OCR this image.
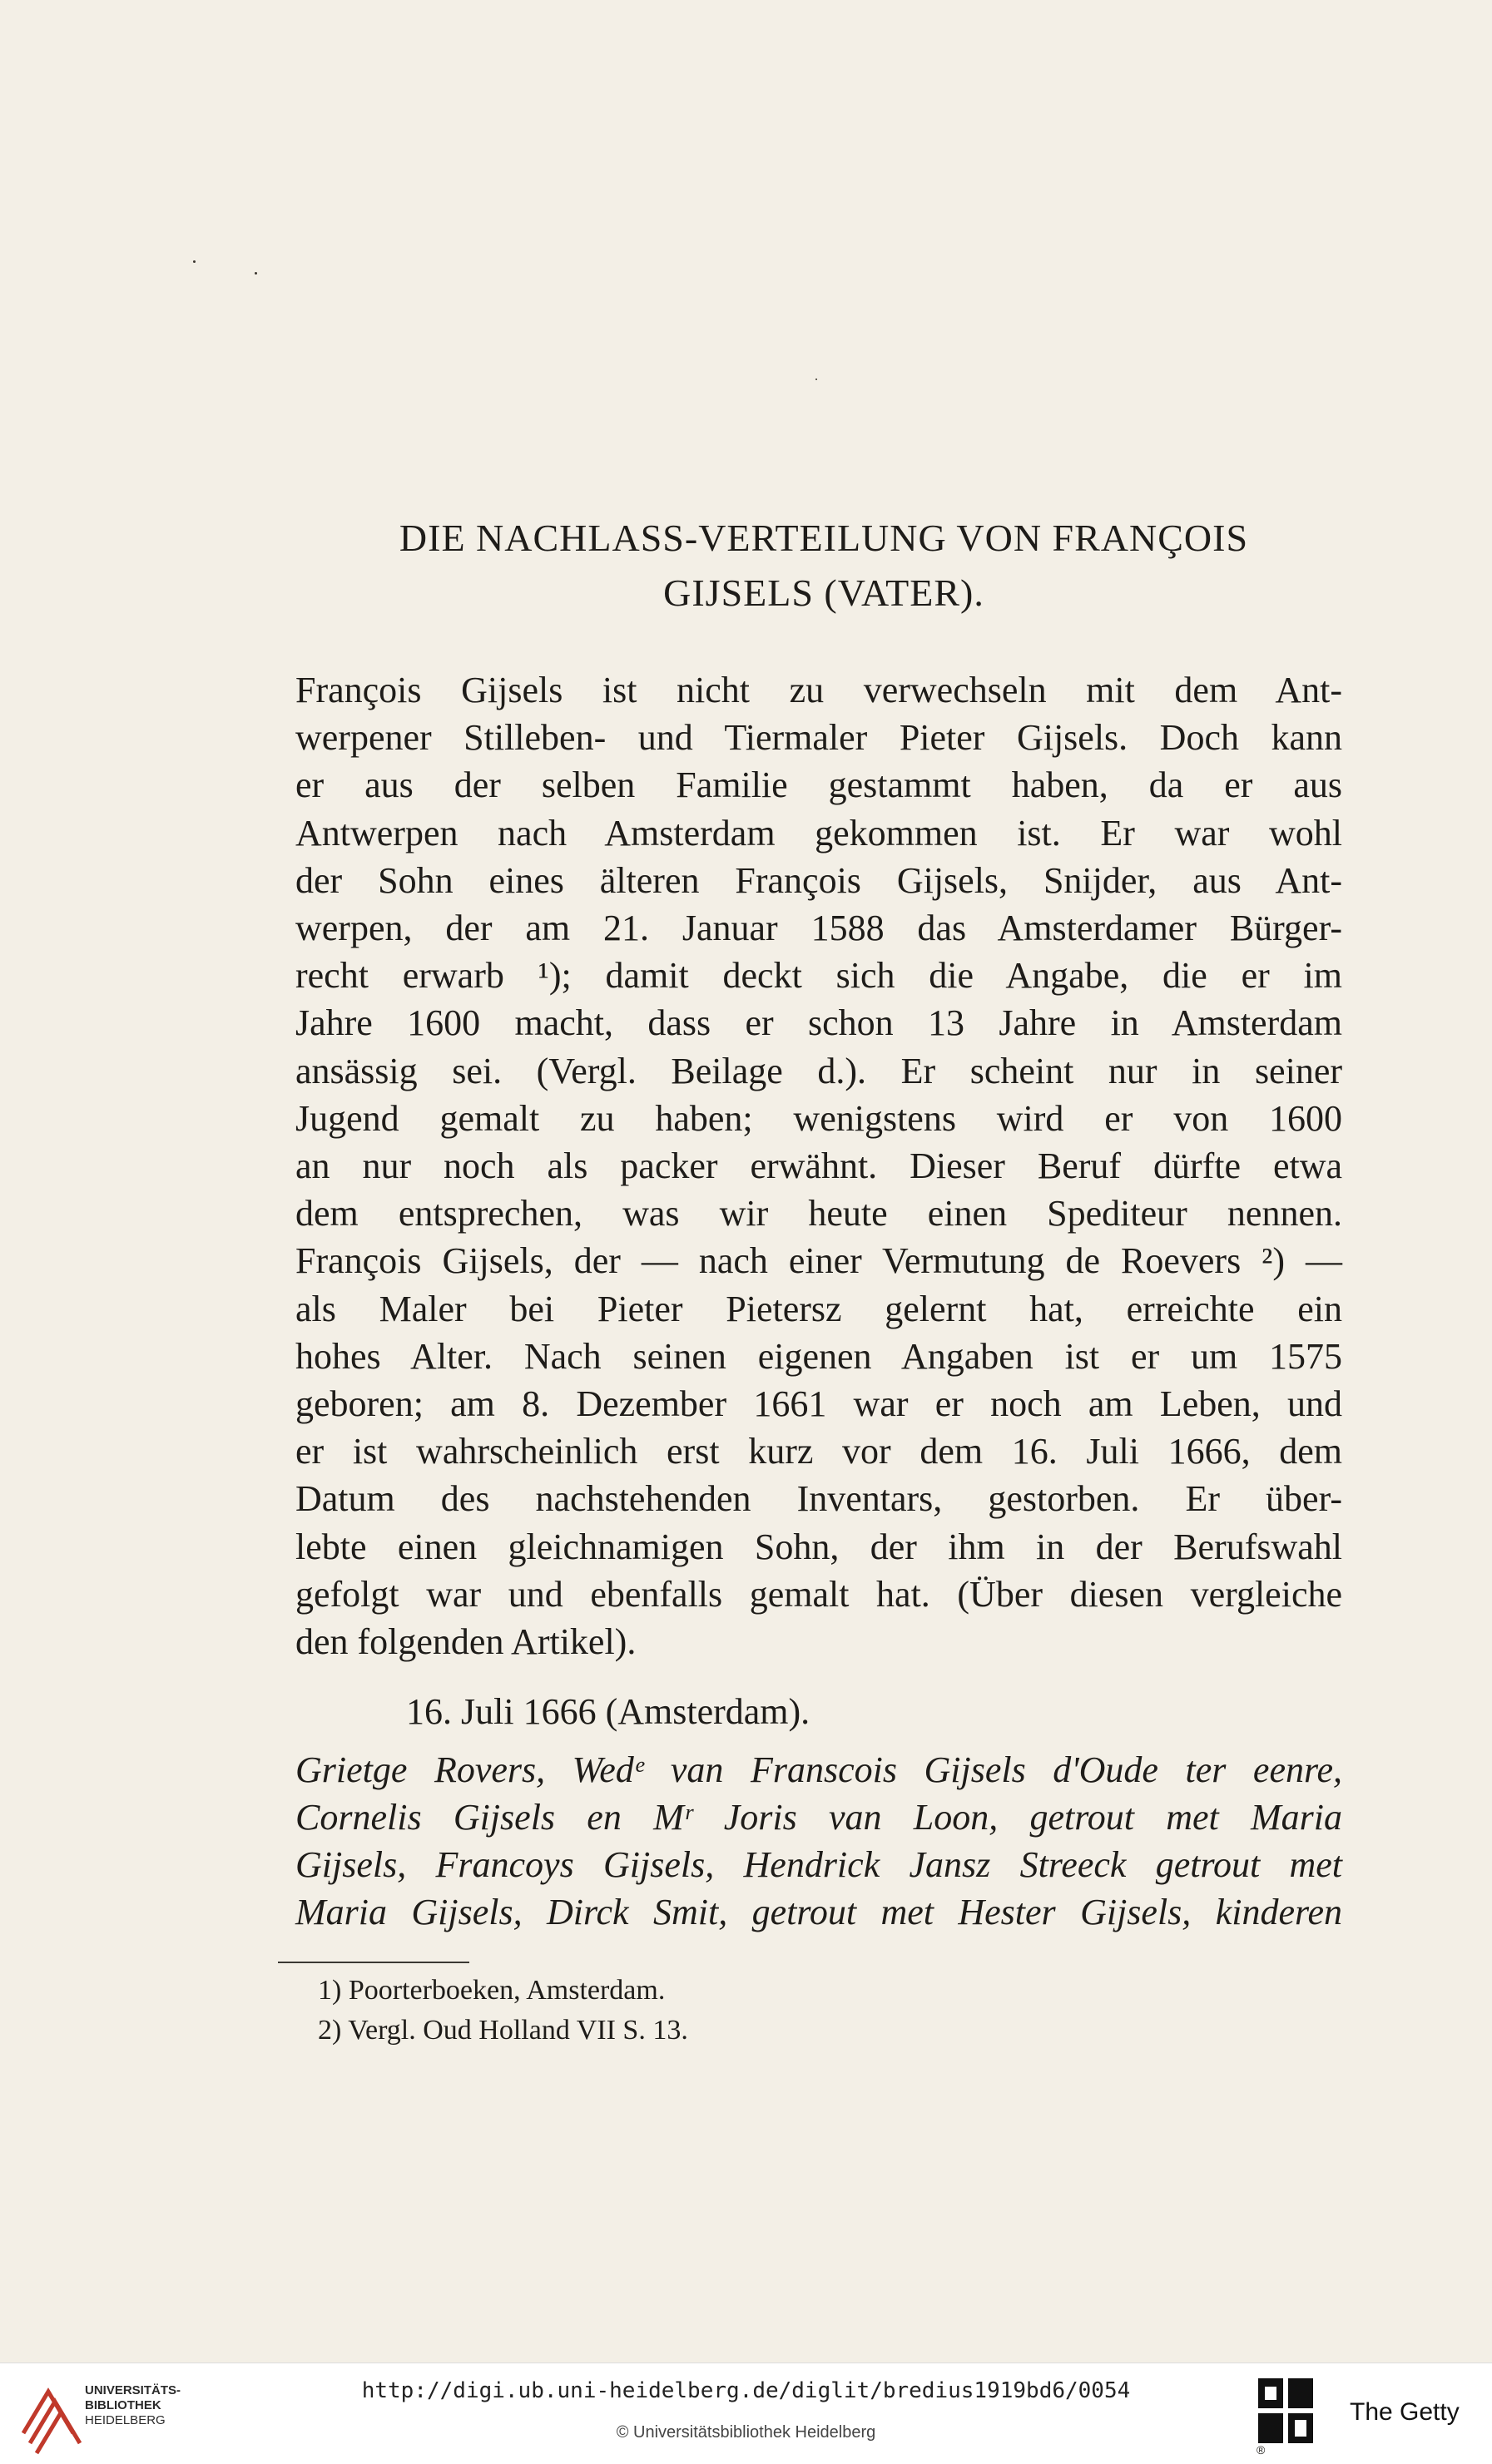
DIE NACHLASS-VERTEILUNG VON FRANÇOIS
GIJSELS (VATER).
François Gijsels ist nicht zu verwechseln mit dem Ant-
werpener Stilleben- und Tiermaler Pieter Gijsels. Doch kann
er aus der selben Familie gestammt haben, da er aus
Antwerpen nach Amsterdam gekommen ist. Er war wohl
der Sohn eines älteren François Gijsels, Snijder, aus Ant-
werpen, der am 21. Januar 1588 das Amsterdamer Bürger-
recht erwarb ¹); damit deckt sich die Angabe, die er im
Jahre 1600 macht, dass er schon 13 Jahre in Amsterdam
ansässig sei. (Vergl. Beilage d.). Er scheint nur in seiner
Jugend gemalt zu haben; wenigstens wird er von 1600
an nur noch als packer erwähnt. Dieser Beruf dürfte etwa
dem entsprechen, was wir heute einen Spediteur nennen.
François Gijsels, der — nach einer Vermutung de Roevers ²) —
als Maler bei Pieter Pietersz gelernt hat, erreichte ein
hohes Alter. Nach seinen eigenen Angaben ist er um 1575
geboren; am 8. Dezember 1661 war er noch am Leben, und
er ist wahrscheinlich erst kurz vor dem 16. Juli 1666, dem
Datum des nachstehenden Inventars, gestorben. Er über-
lebte einen gleichnamigen Sohn, der ihm in der Berufswahl
gefolgt war und ebenfalls gemalt hat. (Über diesen vergleiche
den folgenden Artikel).
16. Juli 1666 (Amsterdam).
Grietge Rovers, Wedᵉ van Franscois Gijsels d'Oude ter eenre,
Cornelis Gijsels en Mʳ Joris van Loon, getrout met Maria
Gijsels, Francoys Gijsels, Hendrick Jansz Streeck getrout met
Maria Gijsels, Dirck Smit, getrout met Hester Gijsels, kinderen
1) Poorterboeken, Amsterdam.
2) Vergl. Oud Holland VII S. 13.
UNIVERSITÄTS-
BIBLIOTHEK
HEIDELBERG
http://digi.ub.uni-heidelberg.de/diglit/bredius1919bd6/0054
© Universitätsbibliothek Heidelberg
®
The Getty
